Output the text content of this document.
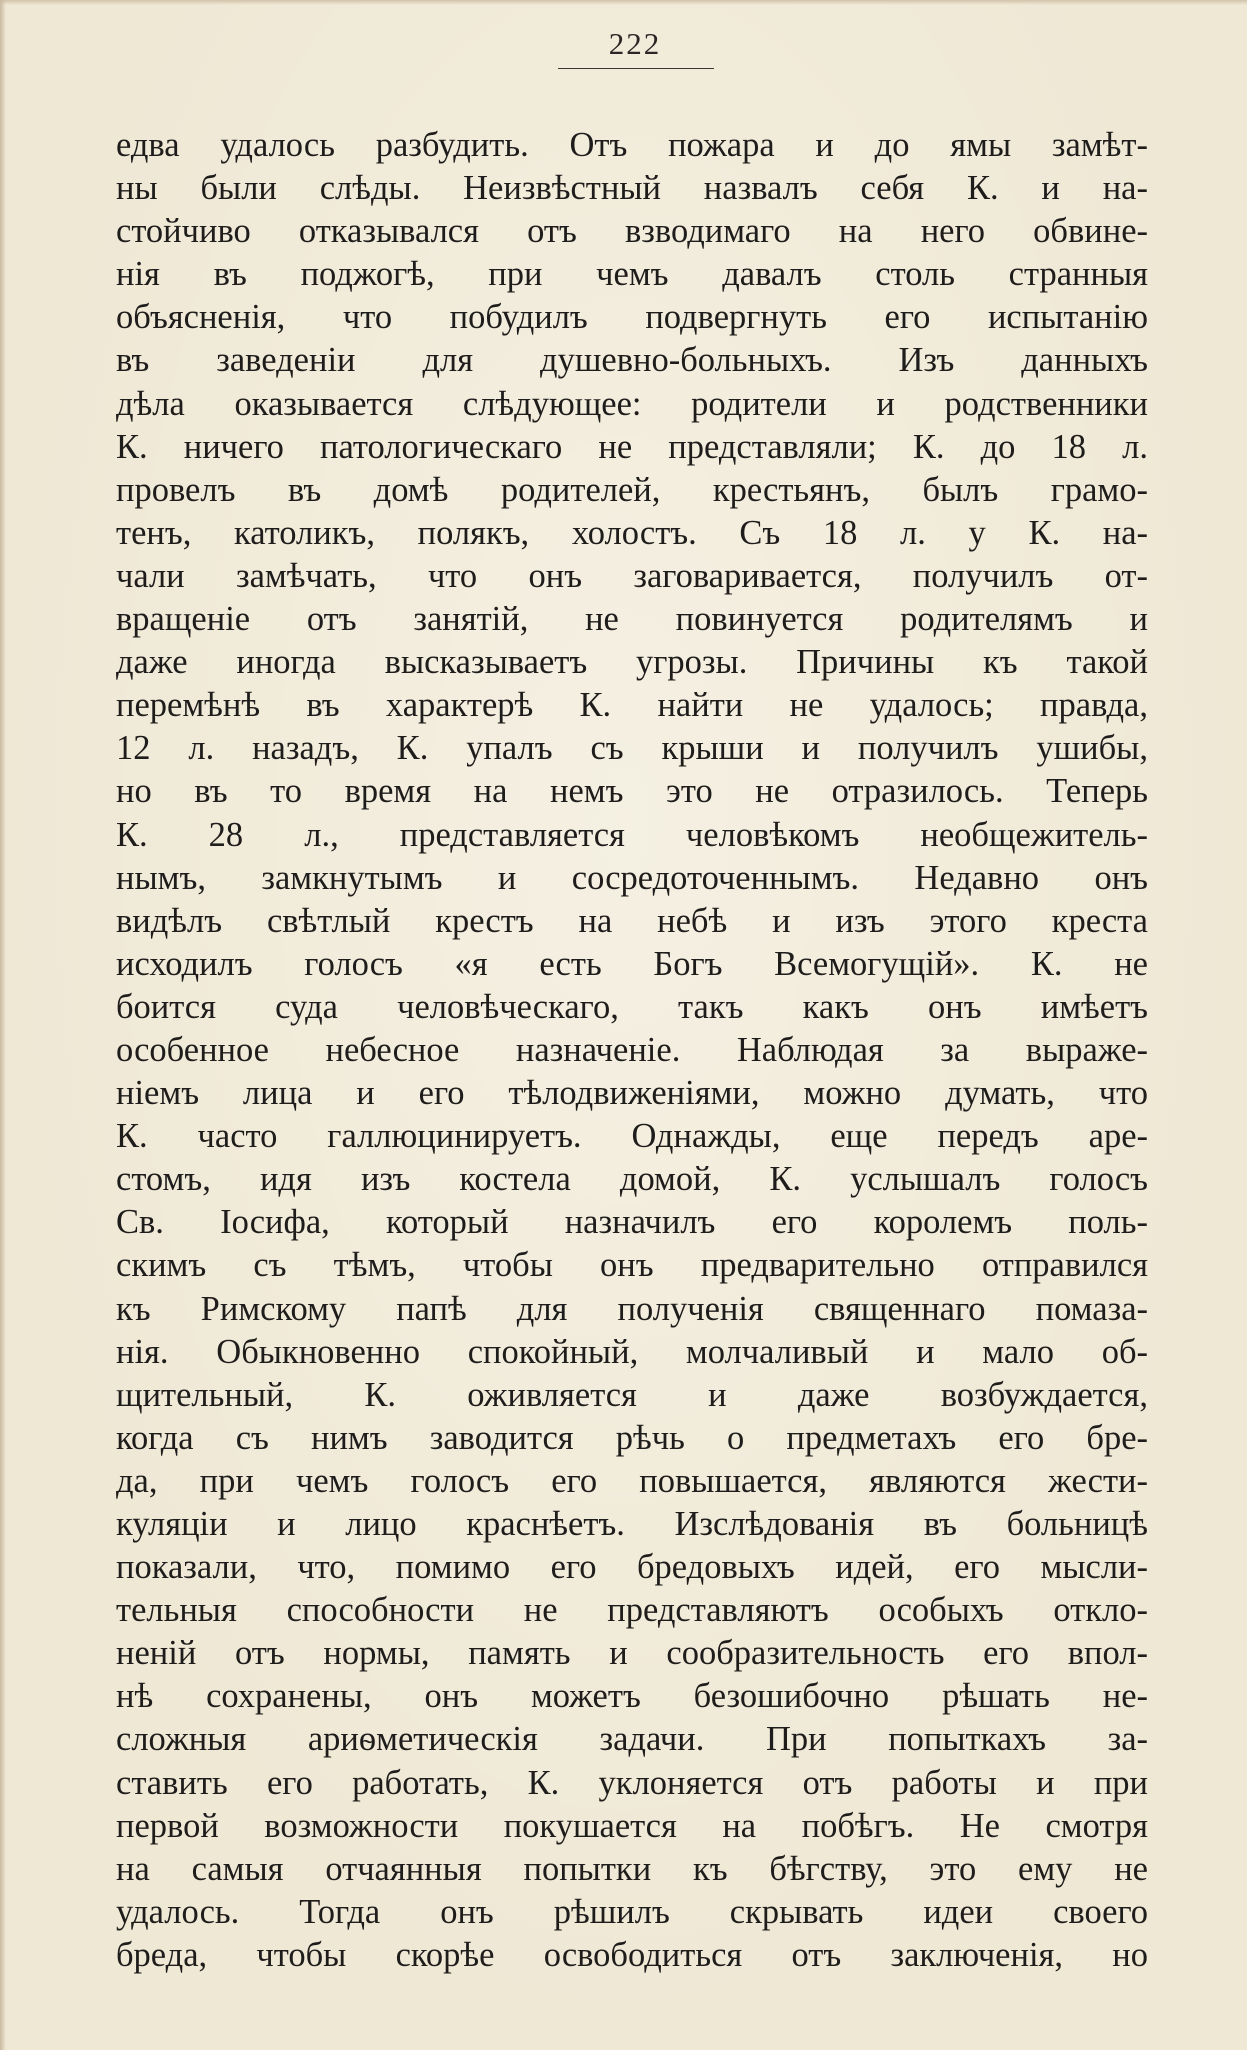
222
едва удалось разбудить. Отъ пожара и до ямы замѣт-
ны были слѣды. Неизвѣстный назвалъ себя К. и на-
стойчиво отказывался отъ взводимаго на него обвине-
нія въ поджогѣ, при чемъ давалъ столь странныя
объясненія, что побудилъ подвергнуть его испытанію
въ заведеніи для душевно-больныхъ. Изъ данныхъ
дѣла оказывается слѣдующее: родители и родственники
К. ничего патологическаго не представляли; К. до 18 л.
провелъ въ домѣ родителей, крестьянъ, былъ грамо-
тенъ, католикъ, полякъ, холостъ. Съ 18 л. у К. на-
чали замѣчать, что онъ заговаривается, получилъ от-
вращеніе отъ занятій, не повинуется родителямъ и
даже иногда высказываетъ угрозы. Причины къ такой
перемѣнѣ въ характерѣ К. найти не удалось; правда,
12 л. назадъ, К. упалъ съ крыши и получилъ ушибы,
но въ то время на немъ это не отразилось. Теперь
К. 28 л., представляется человѣкомъ необщежитель-
нымъ, замкнутымъ и сосредоточеннымъ. Недавно онъ
видѣлъ свѣтлый крестъ на небѣ и изъ этого креста
исходилъ голосъ «я есть Богъ Всемогущій». К. не
боится суда человѣческаго, такъ какъ онъ имѣетъ
особенное небесное назначеніе. Наблюдая за выраже-
ніемъ лица и его тѣлодвиженіями, можно думать, что
К. часто галлюцинируетъ. Однажды, еще передъ аре-
стомъ, идя изъ костела домой, К. услышалъ голосъ
Св. Іосифа, который назначилъ его королемъ поль-
скимъ съ тѣмъ, чтобы онъ предварительно отправился
къ Римскому папѣ для полученія священнаго помаза-
нія. Обыкновенно спокойный, молчаливый и мало об-
щительный, К. оживляется и даже возбуждается,
когда съ нимъ заводится рѣчь о предметахъ его бре-
да, при чемъ голосъ его повышается, являются жести-
куляціи и лицо краснѣетъ. Изслѣдованія въ больницѣ
показали, что, помимо его бредовыхъ идей, его мысли-
тельныя способности не представляютъ особыхъ откло-
неній отъ нормы, память и сообразительность его впол-
нѣ сохранены, онъ можетъ безошибочно рѣшать не-
сложныя ариѳметическія задачи. При попыткахъ за-
ставить его работать, К. уклоняется отъ работы и при
первой возможности покушается на побѣгъ. Не смотря
на самыя отчаянныя попытки къ бѣгству, это ему не
удалось. Тогда онъ рѣшилъ скрывать идеи своего
бреда, чтобы скорѣе освободиться отъ заключенія, но
